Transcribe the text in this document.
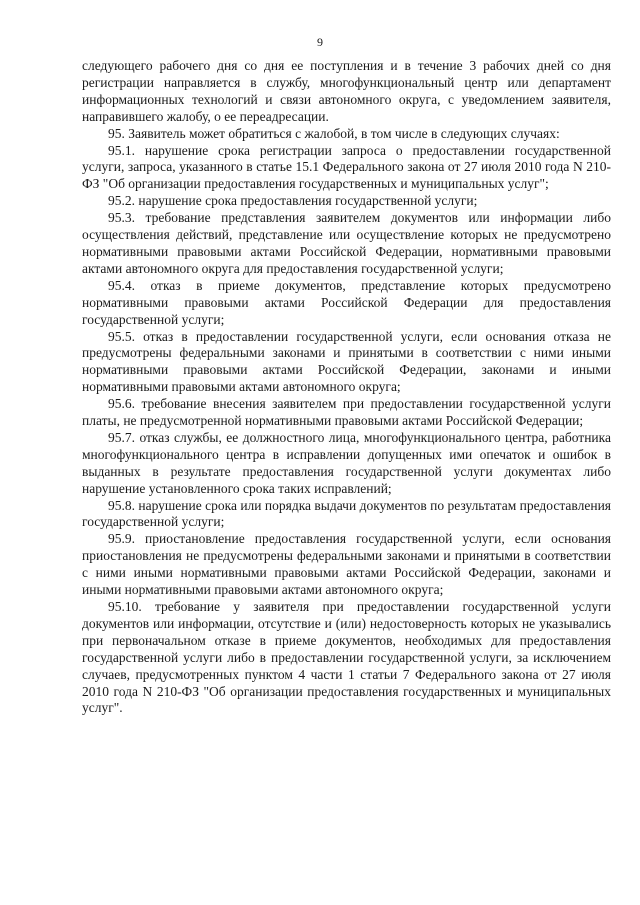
9

следующего рабочего дня со дня ее поступления и в течение 3 рабочих дней со дня регистрации направляется в службу, многофункциональный центр или департамент информационных технологий и связи автономного округа, с уведомлением заявителя, направившего жалобу, о ее переадресации.

95. Заявитель может обратиться с жалобой, в том числе в следующих случаях:

95.1. нарушение срока регистрации запроса о предоставлении государственной услуги, запроса, указанного в статье 15.1 Федерального закона от 27 июля 2010 года N 210-ФЗ "Об организации предоставления государственных и муниципальных услуг";

95.2. нарушение срока предоставления государственной услуги;

95.3. требование представления заявителем документов или информации либо осуществления действий, представление или осуществление которых не предусмотрено нормативными правовыми актами Российской Федерации, нормативными правовыми актами автономного округа для предоставления государственной услуги;

95.4. отказ в приеме документов, представление которых предусмотрено нормативными правовыми актами Российской Федерации для предоставления государственной услуги;

95.5. отказ в предоставлении государственной услуги, если основания отказа не предусмотрены федеральными законами и принятыми в соответствии с ними иными нормативными правовыми актами Российской Федерации, законами и иными нормативными правовыми актами автономного округа;

95.6. требование внесения заявителем при предоставлении государственной услуги платы, не предусмотренной нормативными правовыми актами Российской Федерации;

95.7. отказ службы, ее должностного лица, многофункционального центра, работника многофункционального центра в исправлении допущенных ими опечаток и ошибок в выданных в результате предоставления государственной услуги документах либо нарушение установленного срока таких исправлений;

95.8. нарушение срока или порядка выдачи документов по результатам предоставления государственной услуги;

95.9. приостановление предоставления государственной услуги, если основания приостановления не предусмотрены федеральными законами и принятыми в соответствии с ними иными нормативными правовыми актами Российской Федерации, законами и иными нормативными правовыми актами автономного округа;

95.10. требование у заявителя при предоставлении государственной услуги документов или информации, отсутствие и (или) недостоверность которых не указывались при первоначальном отказе в приеме документов, необходимых для предоставления государственной услуги либо в предоставлении государственной услуги, за исключением случаев, предусмотренных пунктом 4 части 1 статьи 7 Федерального закона от 27 июля 2010 года N 210-ФЗ "Об организации предоставления государственных и муниципальных услуг".
